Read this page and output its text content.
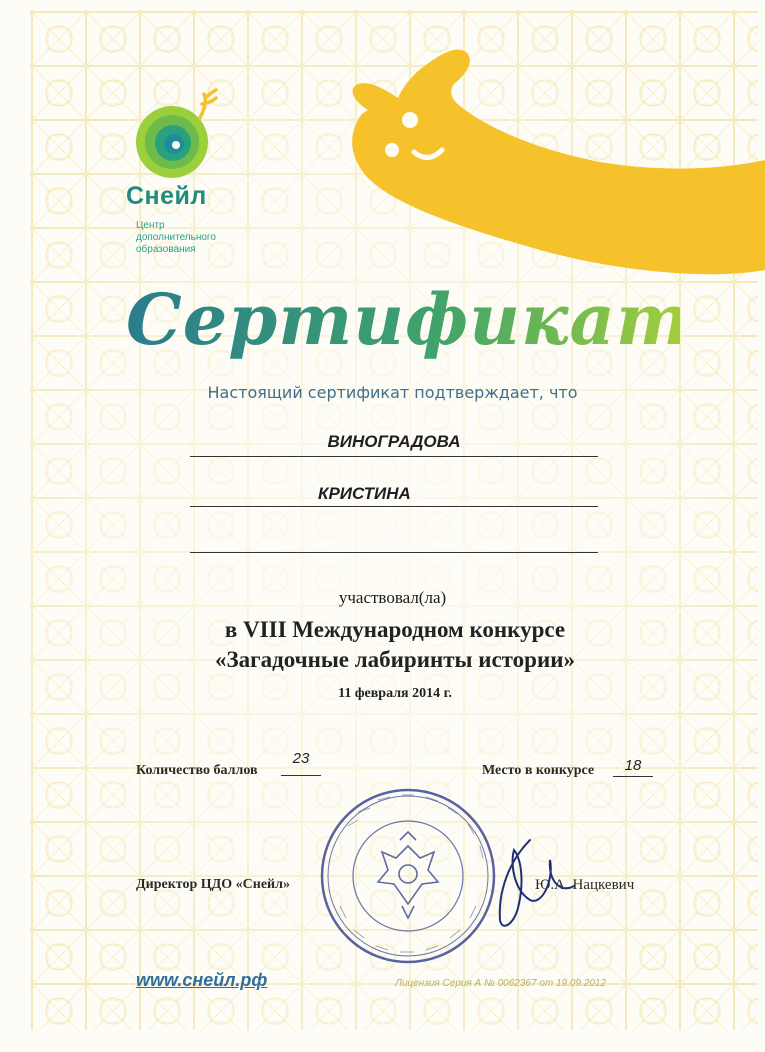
Снейл
Центр
дополнительного
образования
Сертификат
Настоящий сертификат подтверждает, что
ВИНОГРАДОВА
КРИСТИНА
участвовал(ла)
в VIII Международном конкурсе
«Загадочные лабиринты истории»
11 февраля 2014 г.
Количество баллов
23
Место в конкурсе	18
Директор ЦДО «Снейл»	Ю.А. Нацкевич
www.снейл.рф	Лицензия Серия А № 0062367 от 19.09.2012
